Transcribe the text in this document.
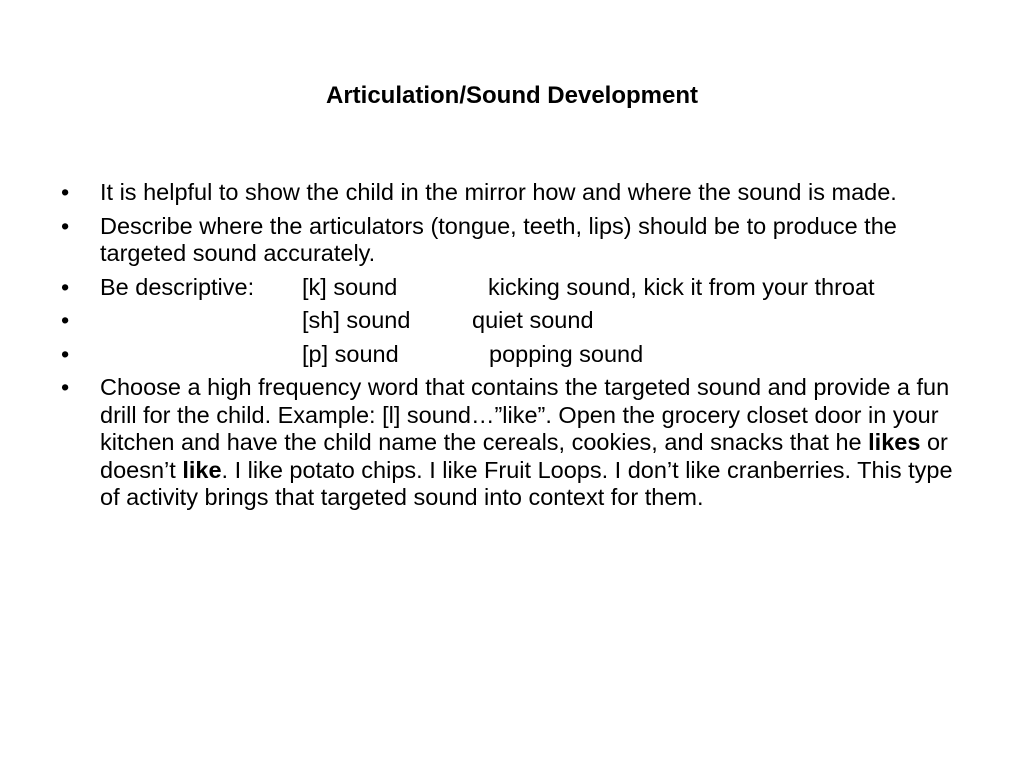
Articulation/Sound Development
• It is helpful to show the child in the mirror how and where the sound is made.
• Describe where the articulators (tongue, teeth, lips) should be to produce the targeted sound accurately.
• Be descriptive: [k] sound	kicking sound, kick it from your throat
•	[sh] sound	quiet sound
•	[p] sound	popping sound
• Choose a high frequency word that contains the targeted sound and provide a fun drill for the child. Example: [l] sound…”like”. Open the grocery closet door in your kitchen and have the child name the cereals, cookies, and snacks that he likes or doesn’t like. I like potato chips. I like Fruit Loops. I don’t like cranberries. This type of activity brings that targeted sound into context for them.
